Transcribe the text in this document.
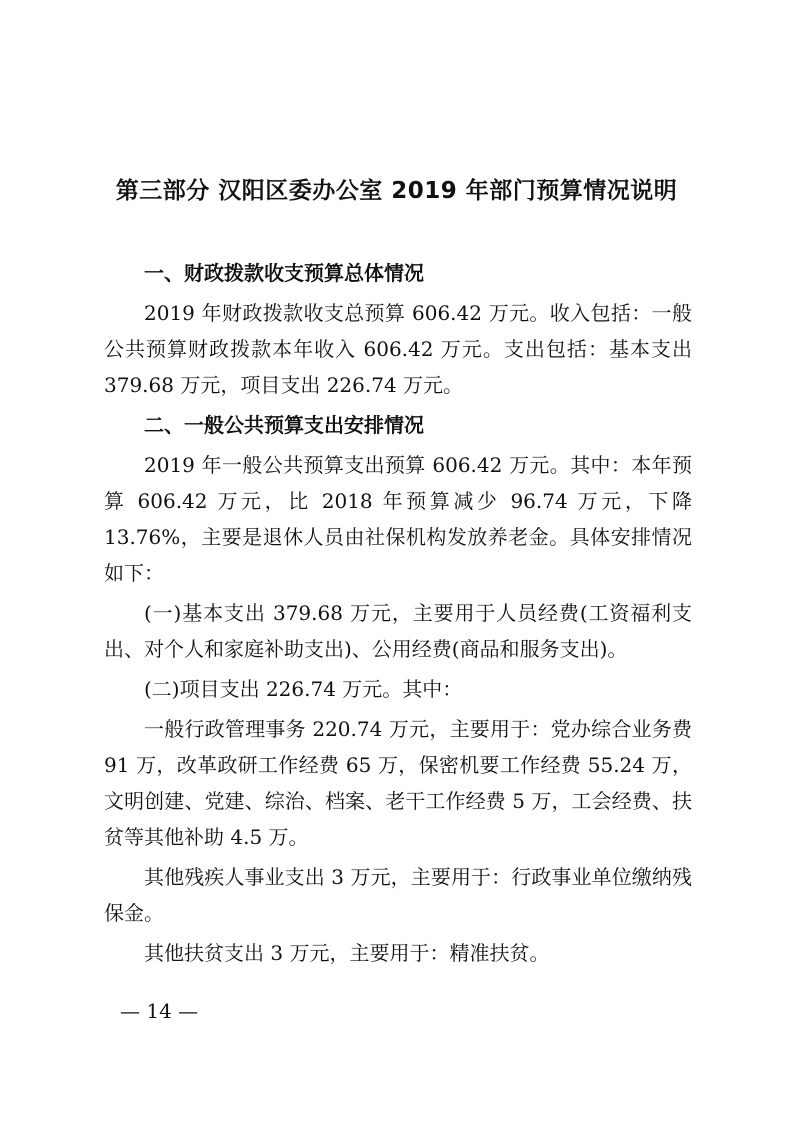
第三部分 汉阳区委办公室 2019 年部门预算情况说明

一、财政拨款收支预算总体情况

2019 年财政拨款收支总预算 606.42 万元。收入包括：一般公共预算财政拨款本年收入 606.42 万元。支出包括：基本支出 379.68 万元，项目支出 226.74 万元。

二、一般公共预算支出安排情况

2019 年一般公共预算支出预算 606.42 万元。其中：本年预算 606.42 万元，比 2018 年预算减少 96.74 万元，下降 13.76%，主要是退休人员由社保机构发放养老金。具体安排情况如下：

(一)基本支出 379.68 万元，主要用于人员经费(工资福利支出、对个人和家庭补助支出)、公用经费(商品和服务支出)。

(二)项目支出 226.74 万元。其中：

一般行政管理事务 220.74 万元，主要用于：党办综合业务费 91 万，改革政研工作经费 65 万，保密机要工作经费 55.24 万，文明创建、党建、综治、档案、老干工作经费 5 万，工会经费、扶贫等其他补助 4.5 万。

其他残疾人事业支出 3 万元，主要用于：行政事业单位缴纳残保金。

其他扶贫支出 3 万元，主要用于：精准扶贫。

— 14 —
